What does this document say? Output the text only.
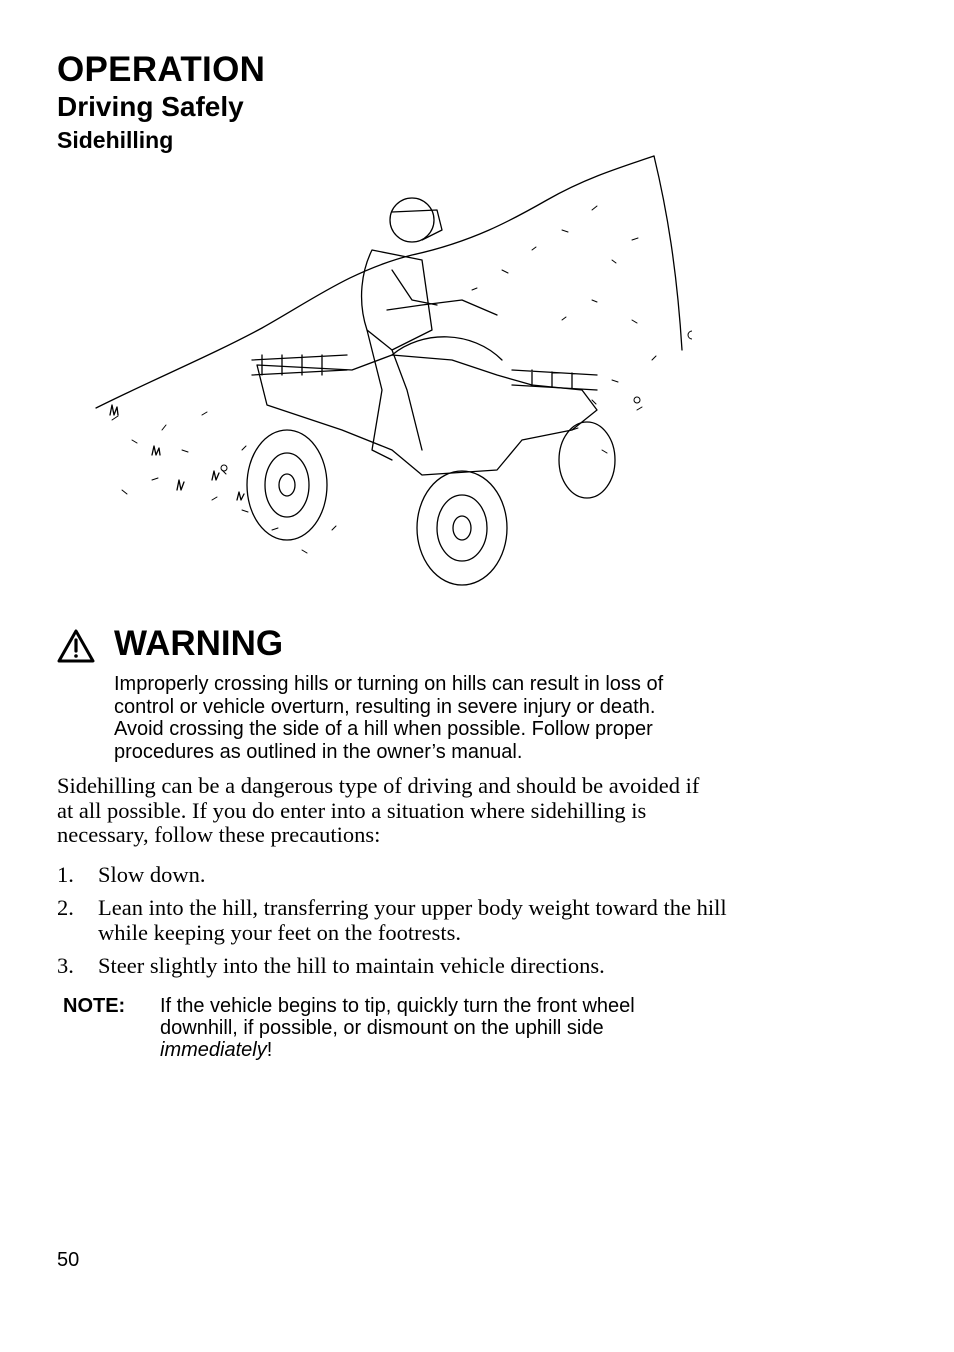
OPERATION
Driving Safely
Sidehilling
WARNING
Improperly crossing hills or turning on hills can result in loss of
control or vehicle overturn, resulting in severe injury or death.
Avoid crossing the side of a hill when possible. Follow proper
procedures as outlined in the owner’s manual.
Sidehilling can be a dangerous type of driving and should be avoided if
at all possible. If you do enter into a situation where sidehilling is
necessary, follow these precautions:
1. Slow down.
2. Lean into the hill, transferring your upper body weight toward the hill
while keeping your feet on the footrests.
3. Steer slightly into the hill to maintain vehicle directions.
NOTE: If the vehicle begins to tip, quickly turn the front wheel
downhill, if possible, or dismount on the uphill side
immediately!
50
